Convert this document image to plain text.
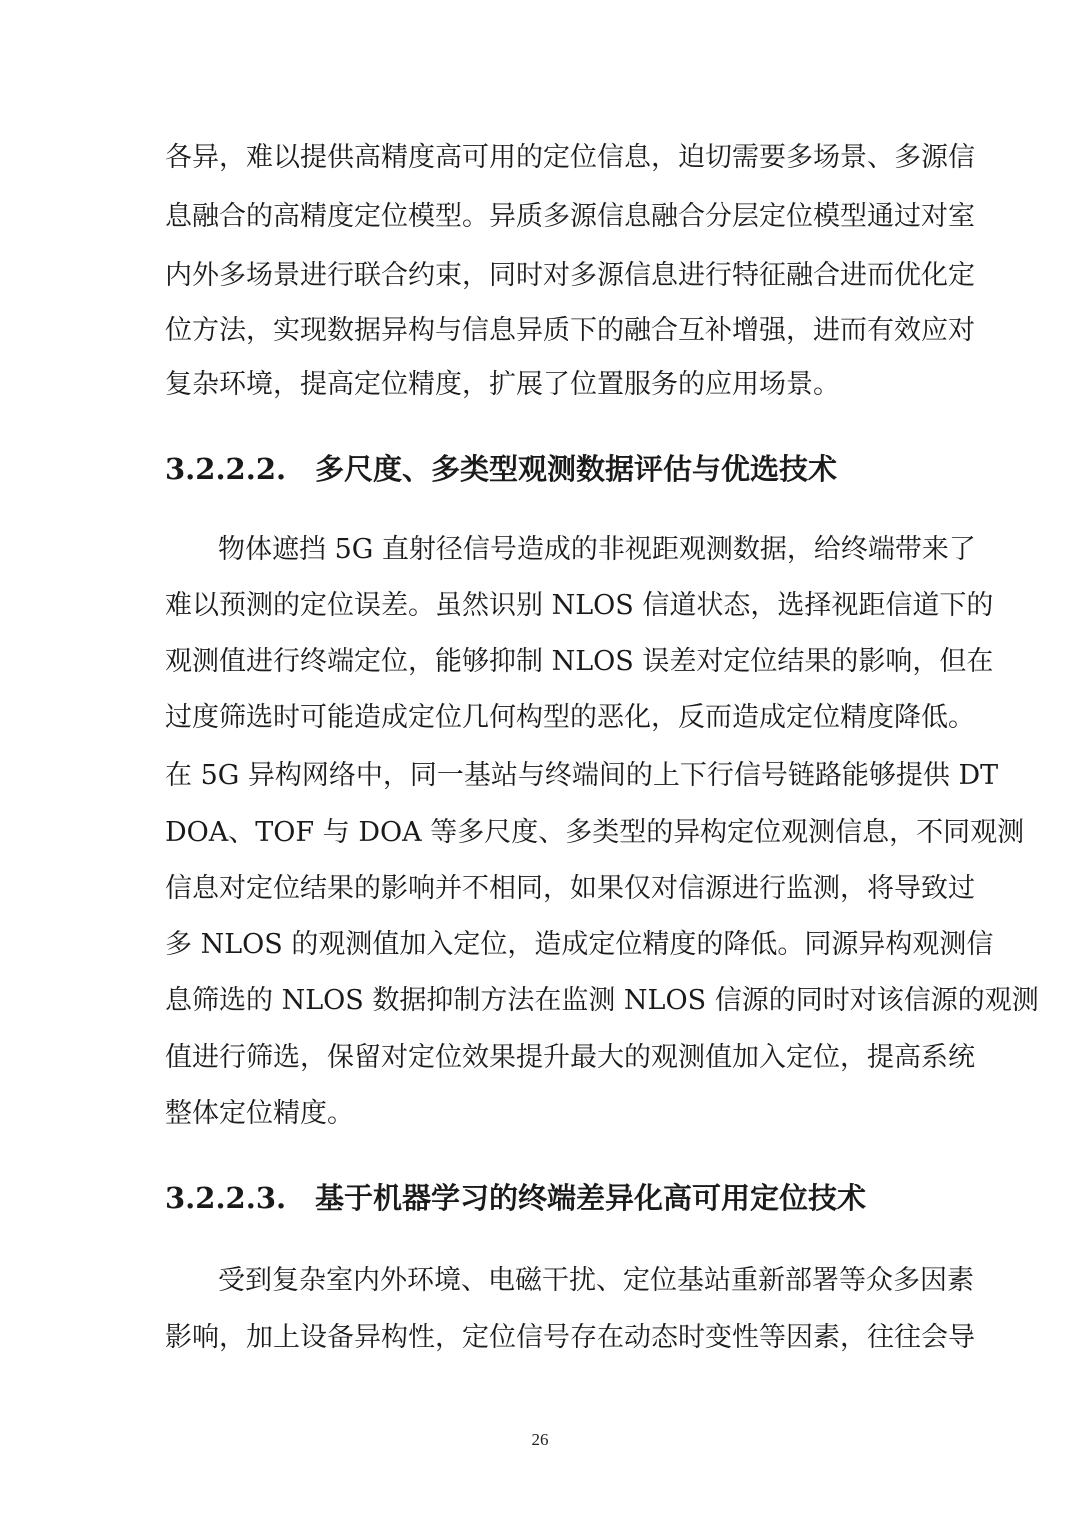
各异，难以提供高精度高可用的定位信息，迫切需要多场景、多源信
息融合的高精度定位模型。异质多源信息融合分层定位模型通过对室
内外多场景进行联合约束，同时对多源信息进行特征融合进而优化定
位方法，实现数据异构与信息异质下的融合互补增强，进而有效应对
复杂环境，提高定位精度，扩展了位置服务的应用场景。
3.2.2.2. 多尺度、多类型观测数据评估与优选技术
物体遮挡 5G 直射径信号造成的非视距观测数据，给终端带来了
难以预测的定位误差。虽然识别 NLOS 信道状态，选择视距信道下的
观测值进行终端定位，能够抑制 NLOS 误差对定位结果的影响，但在
过度筛选时可能造成定位几何构型的恶化，反而造成定位精度降低。
在 5G 异构网络中，同一基站与终端间的上下行信号链路能够提供 DT
DOA、TOF 与 DOA 等多尺度、多类型的异构定位观测信息，不同观测
信息对定位结果的影响并不相同，如果仅对信源进行监测，将导致过
多 NLOS 的观测值加入定位，造成定位精度的降低。同源异构观测信
息筛选的 NLOS 数据抑制方法在监测 NLOS 信源的同时对该信源的观测
值进行筛选，保留对定位效果提升最大的观测值加入定位，提高系统
整体定位精度。
3.2.2.3. 基于机器学习的终端差异化高可用定位技术
受到复杂室内外环境、电磁干扰、定位基站重新部署等众多因素
影响，加上设备异构性，定位信号存在动态时变性等因素，往往会导
26
